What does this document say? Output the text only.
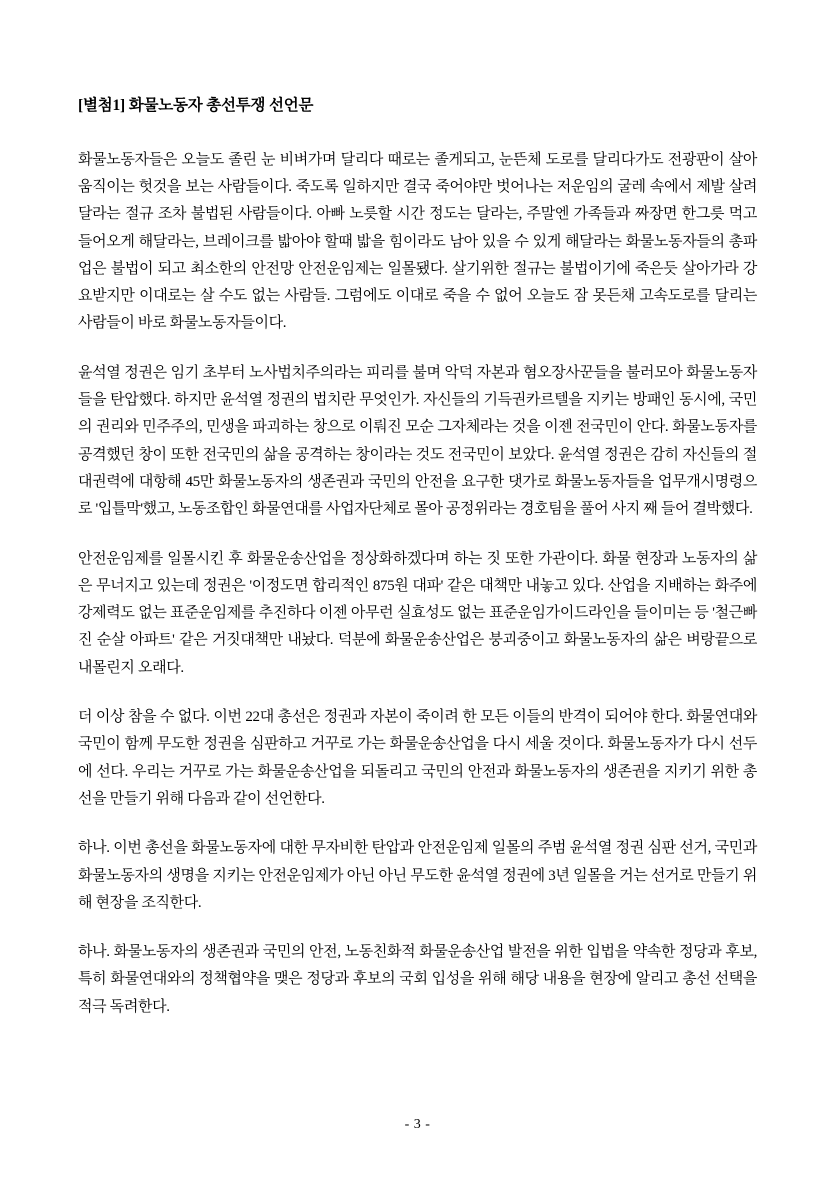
[별첨1] 화물노동자 총선투쟁 선언문

화물노동자들은 오늘도 졸린 눈 비벼가며 달리다 때로는 졸게되고, 눈뜬체 도로를 달리다가도 전광판이 살아 움직이는 헛것을 보는 사람들이다. 죽도록 일하지만 결국 죽어야만 벗어나는 저운임의 굴레 속에서 제발 살려달라는 절규 조차 불법된 사람들이다. 아빠 노릇할 시간 정도는 달라는, 주말엔 가족들과 짜장면 한그릇 먹고 들어오게 해달라는, 브레이크를 밟아야 할때 밟을 힘이라도 남아 있을 수 있게 해달라는 화물노동자들의 총파업은 불법이 되고 최소한의 안전망 안전운임제는 일몰됐다. 살기위한 절규는 불법이기에 죽은듯 살아가라 강요받지만 이대로는 살 수도 없는 사람들. 그럼에도 이대로 죽을 수 없어 오늘도 잠 못든채 고속도로를 달리는 사람들이 바로 화물노동자들이다.

윤석열 정권은 임기 초부터 노사법치주의라는 피리를 불며 악덕 자본과 혐오장사꾼들을 불러모아 화물노동자들을 탄압했다. 하지만 윤석열 정권의 법치란 무엇인가. 자신들의 기득권카르텔을 지키는 방패인 동시에, 국민의 권리와 민주주의, 민생을 파괴하는 창으로 이뤄진 모순 그자체라는 것을 이젠 전국민이 안다. 화물노동자를 공격했던 창이 또한 전국민의 삶을 공격하는 창이라는 것도 전국민이 보았다. 윤석열 정권은 감히 자신들의 절대권력에 대항해 45만 화물노동자의 생존권과 국민의 안전을 요구한 댓가로 화물노동자들을 업무개시명령으로 '입틀막'했고, 노동조합인 화물연대를 사업자단체로 몰아 공정위라는 경호팀을 풀어 사지 째 들어 결박했다.

안전운임제를 일몰시킨 후 화물운송산업을 정상화하겠다며 하는 짓 또한 가관이다. 화물 현장과 노동자의 삶은 무너지고 있는데 정권은 '이정도면 합리적인 875원 대파' 같은 대책만 내놓고 있다. 산업을 지배하는 화주에 강제력도 없는 표준운임제를 추진하다 이젠 아무런 실효성도 없는 표준운임가이드라인을 들이미는 등 '철근빠진 순살 아파트' 같은 거짓대책만 내놨다. 덕분에 화물운송산업은 붕괴중이고 화물노동자의 삶은 벼랑끝으로 내몰린지 오래다.

더 이상 참을 수 없다. 이번 22대 총선은 정권과 자본이 죽이려 한 모든 이들의 반격이 되어야 한다. 화물연대와 국민이 함께 무도한 정권을 심판하고 거꾸로 가는 화물운송산업을 다시 세울 것이다. 화물노동자가 다시 선두에 선다. 우리는 거꾸로 가는 화물운송산업을 되돌리고 국민의 안전과 화물노동자의 생존권을 지키기 위한 총선을 만들기 위해 다음과 같이 선언한다.

하나. 이번 총선을 화물노동자에 대한 무자비한 탄압과 안전운임제 일몰의 주범 윤석열 정권 심판 선거, 국민과 화물노동자의 생명을 지키는 안전운임제가 아닌 아닌 무도한 윤석열 정권에 3년 일몰을 거는 선거로 만들기 위해 현장을 조직한다.

하나. 화물노동자의 생존권과 국민의 안전, 노동친화적 화물운송산업 발전을 위한 입법을 약속한 정당과 후보, 특히 화물연대와의 정책협약을 맺은 정당과 후보의 국회 입성을 위해 해당 내용을 현장에 알리고 총선 선택을 적극 독려한다.

- 3 -
